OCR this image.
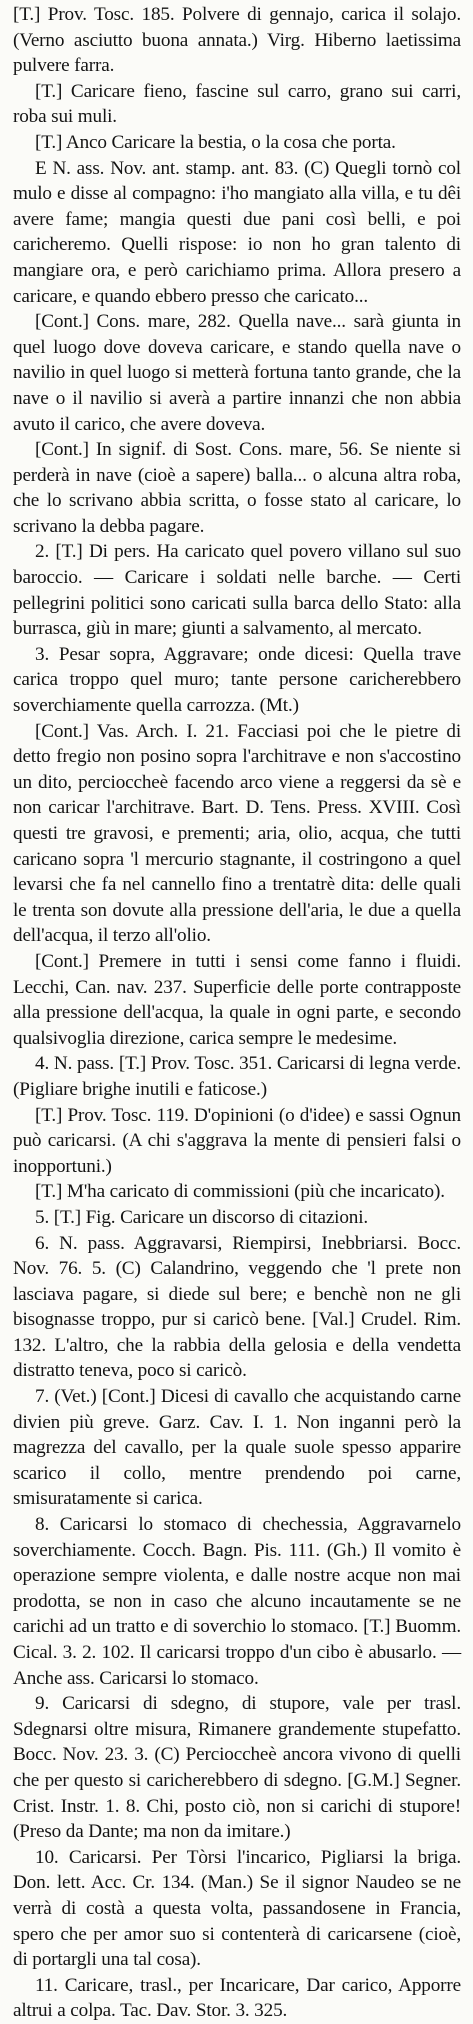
[T.] Prov. Tosc. 185. Polvere di gennajo, carica il solajo. (Verno asciutto buona annata.) Virg. Hiberno laetissima pulvere farra.

[T.] Caricare fieno, fascine sul carro, grano sui carri, roba sui muli.

[T.] Anco Caricare la bestia, o la cosa che porta.

E N. ass. Nov. ant. stamp. ant. 83. (C) Quegli tornò col mulo e disse al compagno: i'ho mangiato alla villa, e tu dêi avere fame; mangia questi due pani così belli, e poi caricheremo. Quelli rispose: io non ho gran talento di mangiare ora, e però carichiamo prima. Allora presero a caricare, e quando ebbero presso che caricato...

[Cont.] Cons. mare, 282. Quella nave... sarà giunta in quel luogo dove doveva caricare, e stando quella nave o navilio in quel luogo si metterà fortuna tanto grande, che la nave o il navilio si averà a partire innanzi che non abbia avuto il carico, che avere doveva.

[Cont.] In signif. di Sost. Cons. mare, 56. Se niente si perderà in nave (cioè a sapere) balla... o alcuna altra roba, che lo scrivano abbia scritta, o fosse stato al caricare, lo scrivano la debba pagare.

2. [T.] Di pers. Ha caricato quel povero villano sul suo baroccio. — Caricare i soldati nelle barche. — Certi pellegrini politici sono caricati sulla barca dello Stato: alla burrasca, giù in mare; giunti a salvamento, al mercato.

3. Pesar sopra, Aggravare; onde dicesi: Quella trave carica troppo quel muro; tante persone caricherebbero soverchiamente quella carrozza. (Mt.)

[Cont.] Vas. Arch. I. 21. Facciasi poi che le pietre di detto fregio non posino sopra l'architrave e non s'accostino un dito, percioccheè facendo arco viene a reggersi da sè e non caricar l'architrave. Bart. D. Tens. Press. XVIII. Così questi tre gravosi, e prementi; aria, olio, acqua, che tutti caricano sopra 'l mercurio stagnante, il costringono a quel levarsi che fa nel cannello fino a trentatrè dita: delle quali le trenta son dovute alla pressione dell'aria, le due a quella dell'acqua, il terzo all'olio.

[Cont.] Premere in tutti i sensi come fanno i fluidi. Lecchi, Can. nav. 237. Superficie delle porte contrapposte alla pressione dell'acqua, la quale in ogni parte, e secondo qualsivoglia direzione, carica sempre le medesime.

4. N. pass. [T.] Prov. Tosc. 351. Caricarsi di legna verde. (Pigliare brighe inutili e faticose.)

[T.] Prov. Tosc. 119. D'opinioni (o d'idee) e sassi Ognun può caricarsi. (A chi s'aggrava la mente di pensieri falsi o inopportuni.)

[T.] M'ha caricato di commissioni (più che incaricato).

5. [T.] Fig. Caricare un discorso di citazioni.

6. N. pass. Aggravarsi, Riempirsi, Inebbriarsi. Bocc. Nov. 76. 5. (C) Calandrino, veggendo che 'l prete non lasciava pagare, si diede sul bere; e benchè non ne gli bisognasse troppo, pur si caricò bene. [Val.] Crudel. Rim. 132. L'altro, che la rabbia della gelosia e della vendetta distratto teneva, poco si caricò.

7. (Vet.) [Cont.] Dicesi di cavallo che acquistando carne divien più greve. Garz. Cav. I. 1. Non inganni però la magrezza del cavallo, per la quale suole spesso apparire scarico il collo, mentre prendendo poi carne, smisuratamente si carica.

8. Caricarsi lo stomaco di chechessia, Aggravarnelo soverchiamente. Cocch. Bagn. Pis. 111. (Gh.) Il vomito è operazione sempre violenta, e dalle nostre acque non mai prodotta, se non in caso che alcuno incautamente se ne carichi ad un tratto e di soverchio lo stomaco. [T.] Buomm. Cical. 3. 2. 102. Il caricarsi troppo d'un cibo è abusarlo. — Anche ass. Caricarsi lo stomaco.

9. Caricarsi di sdegno, di stupore, vale per trasl. Sdegnarsi oltre misura, Rimanere grandemente stupefatto. Bocc. Nov. 23. 3. (C) Percioccheè ancora vivono di quelli che per questo si caricherebbero di sdegno. [G.M.] Segner. Crist. Instr. 1. 8. Chi, posto ciò, non si carichi di stupore! (Preso da Dante; ma non da imitare.)

10. Caricarsi. Per Tòrsi l'incarico, Pigliarsi la briga. Don. lett. Acc. Cr. 134. (Man.) Se il signor Naudeo se ne verrà di costà a questa volta, passandosene in Francia, spero che per amor suo si contenterà di caricarsene (cioè, di portargli una tal cosa).

11. Caricare, trasl., per Incaricare, Dar carico, Apporre altrui a colpa. Tac. Dav. Stor. 3. 325.
